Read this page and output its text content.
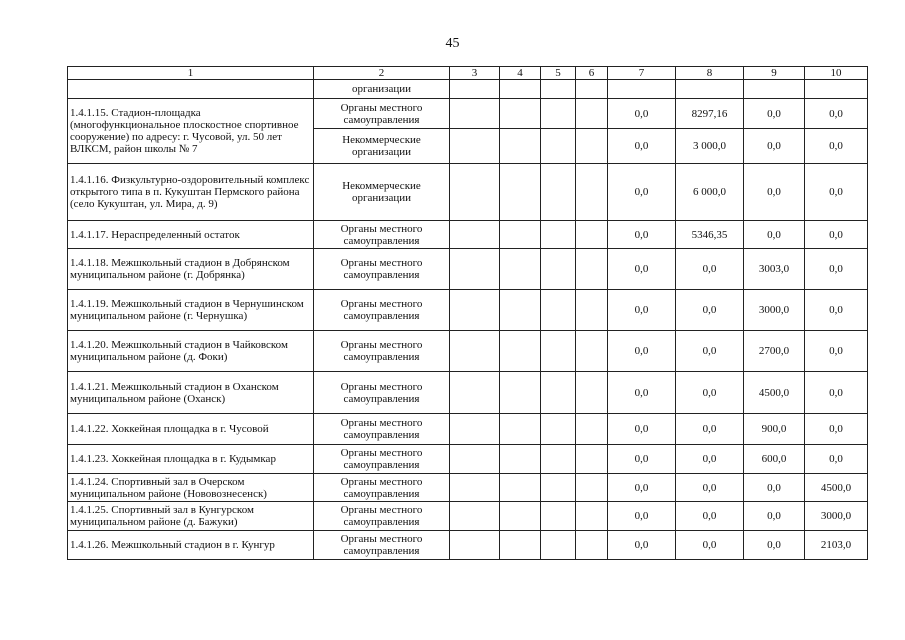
45
1	2	3	4	5	6	7	8	9	10
	организации								
1.4.1.15. Стадион-площадка (многофункциональное плоскостное спортивное сооружение) по адресу: г. Чусовой, ул. 50 лет ВЛКСМ, район школы № 7	Органы местного самоуправления					0,0	8297,16	0,0	0,0
	Некоммерческие организации					0,0	3 000,0	0,0	0,0
1.4.1.16. Физкультурно-оздоровительный комплекс открытого типа в п. Кукуштан Пермского района (село Кукуштан, ул. Мира, д. 9)	Некоммерческие организации					0,0	6 000,0	0,0	0,0
1.4.1.17. Нераспределенный остаток	Органы местного самоуправления					0,0	5346,35	0,0	0,0
1.4.1.18. Межшкольный стадион в Добрянском муниципальном районе (г. Добрянка)	Органы местного самоуправления					0,0	0,0	3003,0	0,0
1.4.1.19. Межшкольный стадион в Чернушинском муниципальном районе (г. Чернушка)	Органы местного самоуправления					0,0	0,0	3000,0	0,0
1.4.1.20. Межшкольный стадион в Чайковском муниципальном районе (д. Фоки)	Органы местного самоуправления					0,0	0,0	2700,0	0,0
1.4.1.21. Межшкольный стадион в Оханском муниципальном районе (Оханск)	Органы местного самоуправления					0,0	0,0	4500,0	0,0
1.4.1.22. Хоккейная площадка в г. Чусовой	Органы местного самоуправления					0,0	0,0	900,0	0,0
1.4.1.23. Хоккейная площадка в г. Кудымкар	Органы местного самоуправления					0,0	0,0	600,0	0,0
1.4.1.24. Спортивный зал в Очерском муниципальном районе (Нововознесенск)	Органы местного самоуправления					0,0	0,0	0,0	4500,0
1.4.1.25. Спортивный зал в Кунгурском муниципальном районе (д. Бажуки)	Органы местного самоуправления					0,0	0,0	0,0	3000,0
1.4.1.26. Межшкольный стадион в г. Кунгур	Органы местного самоуправления					0,0	0,0	0,0	2103,0
